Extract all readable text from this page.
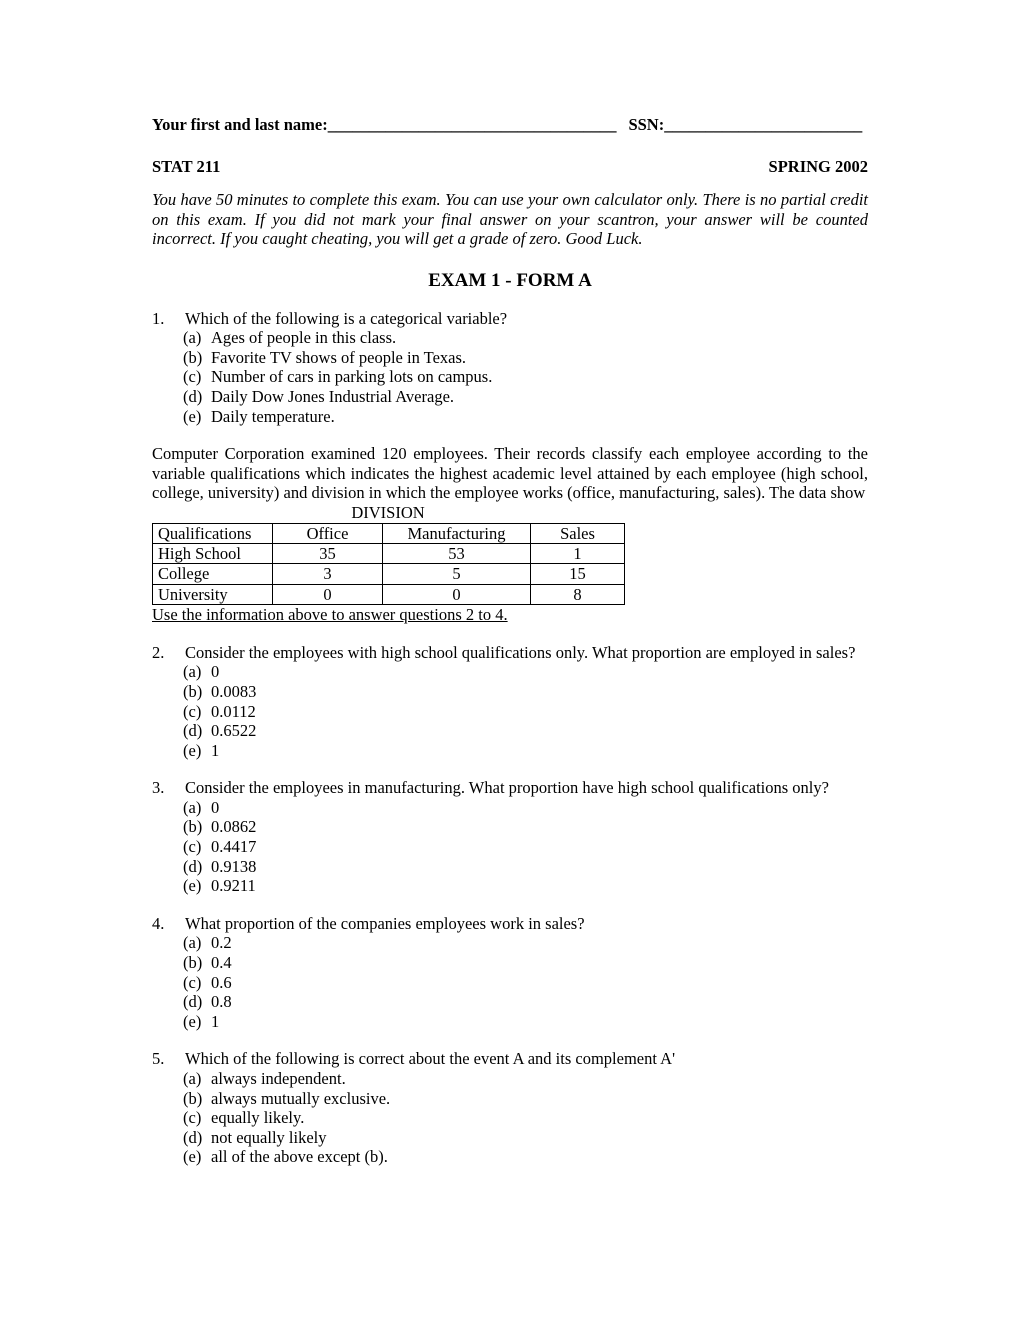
Your first and last name:___________________________________ SSN:________________________
STAT 211	SPRING 2002
You have 50 minutes to complete this exam. You can use your own calculator only. There is no partial credit on this exam. If you did not mark your final answer on your scantron, your answer will be counted incorrect. If you caught cheating, you will get a grade of zero. Good Luck.
EXAM 1 - FORM A
1.	Which of the following is a categorical variable?
(a) Ages of people in this class.
(b) Favorite TV shows of people in Texas.
(c) Number of cars in parking lots on campus.
(d) Daily Dow Jones Industrial Average.
(e) Daily temperature.
Computer Corporation examined 120 employees. Their records classify each employee according to the variable qualifications which indicates the highest academic level attained by each employee (high school, college, university) and division in which the employee works (office, manufacturing, sales). The data show
DIVISION
Qualifications	Office	Manufacturing	Sales
High School	35	53	1
College	3	5	15
University	0	0	8
Use the information above to answer questions 2 to 4.
2.	Consider the employees with high school qualifications only. What proportion are employed in sales?
(a) 0
(b) 0.0083
(c) 0.0112
(d) 0.6522
(e) 1
3.	Consider the employees in manufacturing. What proportion have high school qualifications only?
(a) 0
(b) 0.0862
(c) 0.4417
(d) 0.9138
(e) 0.9211
4.	What proportion of the companies employees work in sales?
(a) 0.2
(b) 0.4
(c) 0.6
(d) 0.8
(e) 1
5.	Which of the following is correct about the event A and its complement A'
(a) always independent.
(b) always mutually exclusive.
(c) equally likely.
(d) not equally likely
(e) all of the above except (b).
